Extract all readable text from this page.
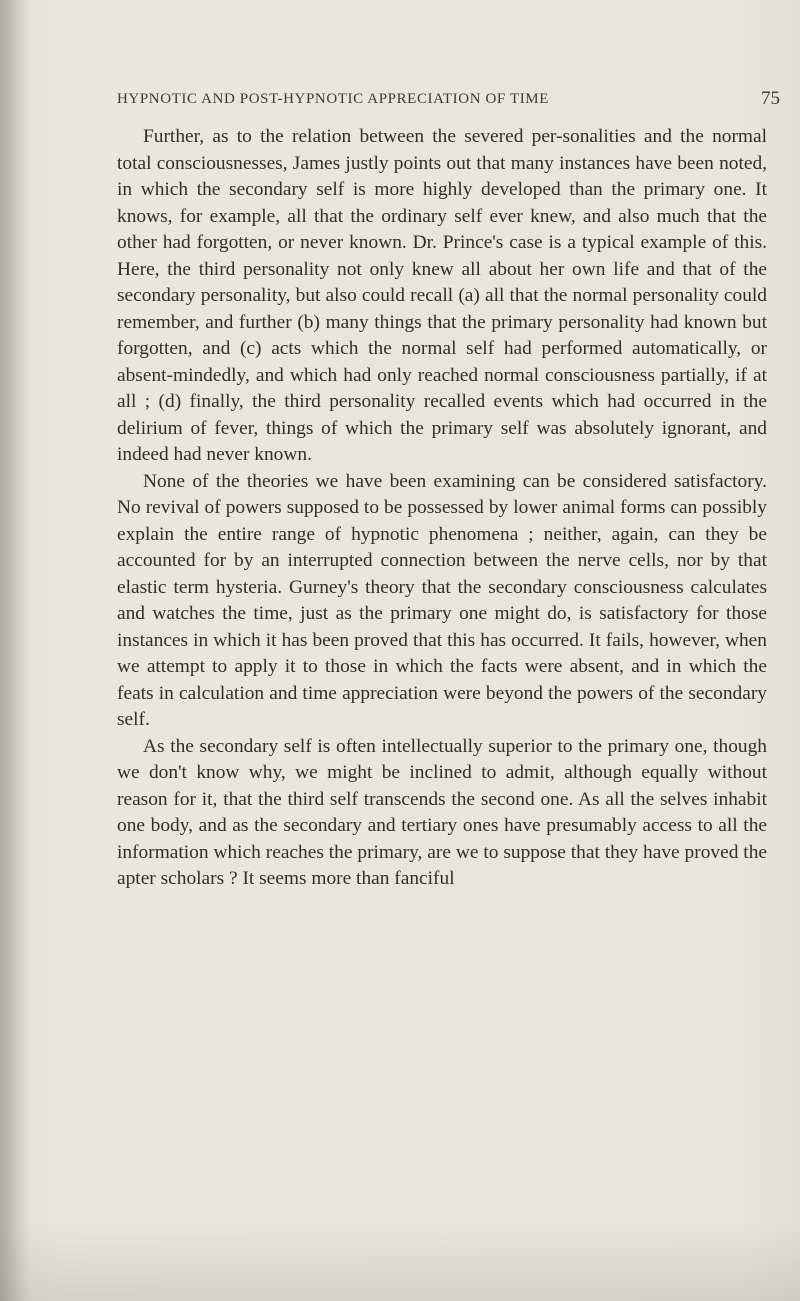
HYPNOTIC AND POST-HYPNOTIC APPRECIATION OF TIME	75

Further, as to the relation between the severed per-sonalities and the normal total consciousnesses, James justly points out that many instances have been noted, in which the secondary self is more highly developed than the primary one. It knows, for example, all that the ordinary self ever knew, and also much that the other had forgotten, or never known. Dr. Prince's case is a typical example of this. Here, the third personality not only knew all about her own life and that of the secondary personality, but also could recall (a) all that the normal personality could remember, and further (b) many things that the primary personality had known but forgotten, and (c) acts which the normal self had performed automatically, or absent-mindedly, and which had only reached normal consciousness partially, if at all ; (d) finally, the third personality recalled events which had occurred in the delirium of fever, things of which the primary self was absolutely ignorant, and indeed had never known.

None of the theories we have been examining can be considered satisfactory. No revival of powers supposed to be possessed by lower animal forms can possibly explain the entire range of hypnotic phenomena ; neither, again, can they be accounted for by an interrupted connection between the nerve cells, nor by that elastic term hysteria. Gurney's theory that the secondary consciousness calculates and watches the time, just as the primary one might do, is satisfactory for those instances in which it has been proved that this has occurred. It fails, however, when we attempt to apply it to those in which the facts were absent, and in which the feats in calculation and time appreciation were beyond the powers of the secondary self.

As the secondary self is often intellectually superior to the primary one, though we don't know why, we might be inclined to admit, although equally without reason for it, that the third self transcends the second one. As all the selves inhabit one body, and as the secondary and tertiary ones have presumably access to all the information which reaches the primary, are we to suppose that they have proved the apter scholars ? It seems more than fanciful
